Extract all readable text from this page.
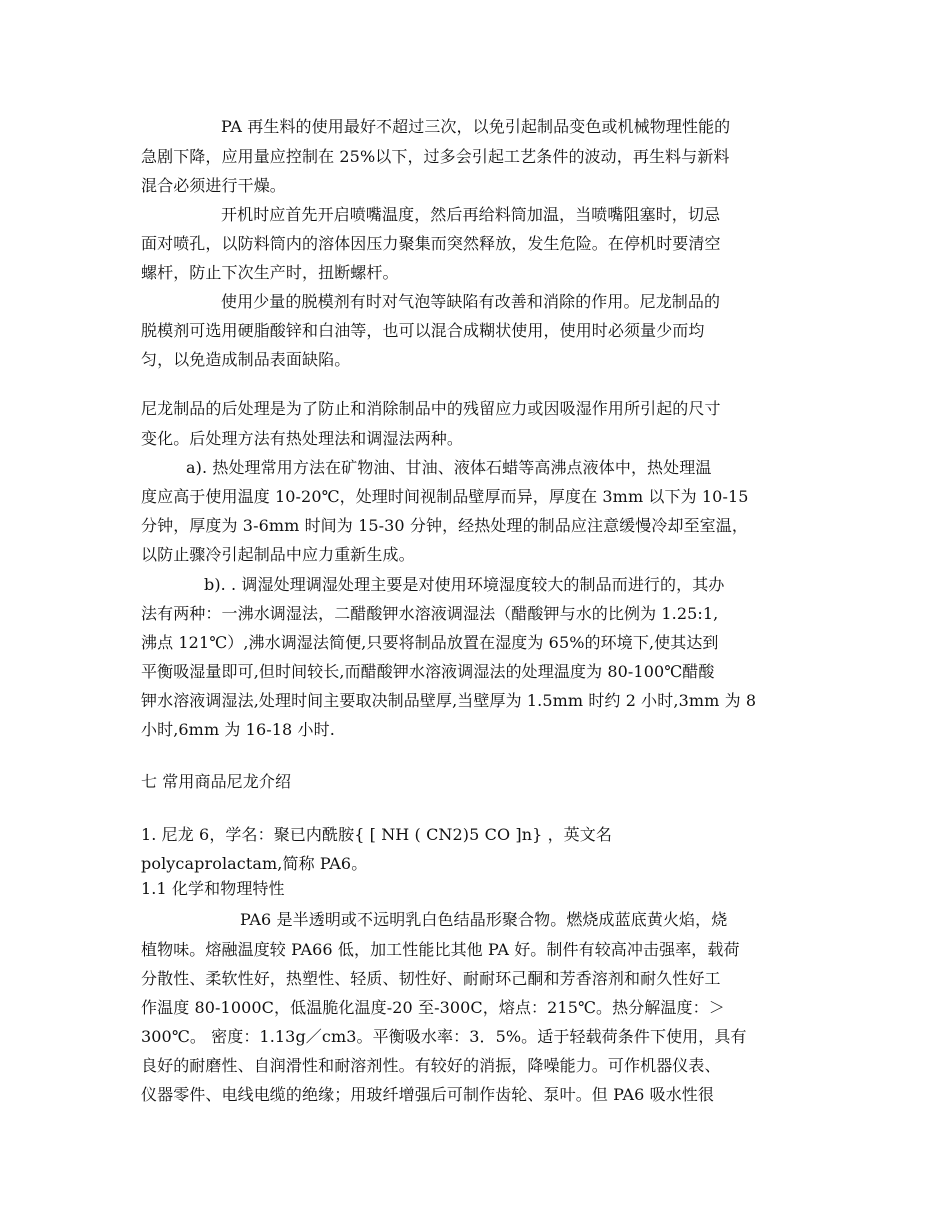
PA 再生料的使用最好不超过三次，以免引起制品变色或机械物理性能的
急剧下降，应用量应控制在 25%以下，过多会引起工艺条件的波动，再生料与新料
混合必须进行干燥。
开机时应首先开启喷嘴温度，然后再给料筒加温，当喷嘴阻塞时，切忌
面对喷孔，以防料筒内的溶体因压力聚集而突然释放，发生危险。在停机时要清空
螺杆，防止下次生产时，扭断螺杆。
使用少量的脱模剂有时对气泡等缺陷有改善和消除的作用。尼龙制品的
脱模剂可选用硬脂酸锌和白油等，也可以混合成糊状使用，使用时必须量少而均
匀，以免造成制品表面缺陷。
尼龙制品的后处理是为了防止和消除制品中的残留应力或因吸湿作用所引起的尺寸
变化。后处理方法有热处理法和调湿法两种。
a). 热处理常用方法在矿物油、甘油、液体石蜡等高沸点液体中，热处理温
度应高于使用温度 10-20℃，处理时间视制品壁厚而异，厚度在 3mm 以下为 10-15
分钟，厚度为 3-6mm 时间为 15-30 分钟，经热处理的制品应注意缓慢冷却至室温，
以防止骤冷引起制品中应力重新生成。
b). . 调湿处理调湿处理主要是对使用环境湿度较大的制品而进行的，其办
法有两种：一沸水调湿法，二醋酸钾水溶液调湿法（醋酸钾与水的比例为 1.25:1,
沸点 121℃）,沸水调湿法简便,只要将制品放置在湿度为 65%的环境下,使其达到
平衡吸湿量即可,但时间较长,而醋酸钾水溶液调湿法的处理温度为 80-100℃醋酸
钾水溶液调湿法,处理时间主要取决制品壁厚,当壁厚为 1.5mm 时约 2 小时,3mm 为 8
小时,6mm 为 16-18 小时.
七 常用商品尼龙介绍
1. 尼龙 6，学名：聚已内酰胺{ [ NH ( CN2)5 CO ]n} ，英文名
polycaprolactam,简称 PA6。
1.1 化学和物理特性
PA6 是半透明或不远明乳白色结晶形聚合物。燃烧成蓝底黄火焰，烧
植物味。熔融温度较 PA66 低，加工性能比其他 PA 好。制件有较高冲击强率，载荷
分散性、柔软性好，热塑性、轻质、韧性好、耐耐环己酮和芳香溶剂和耐久性好工
作温度 80-1000C，低温脆化温度-20 至-300C，熔点：215℃。热分解温度：＞
300℃。 密度：1.13g／cm3。平衡吸水率：3．5%。适于轻载荷条件下使用，具有
良好的耐磨性、自润滑性和耐溶剂性。有较好的消振，降噪能力。可作机器仪表、
仪器零件、电线电缆的绝缘；用玻纤增强后可制作齿轮、泵叶。但 PA6 吸水性很
